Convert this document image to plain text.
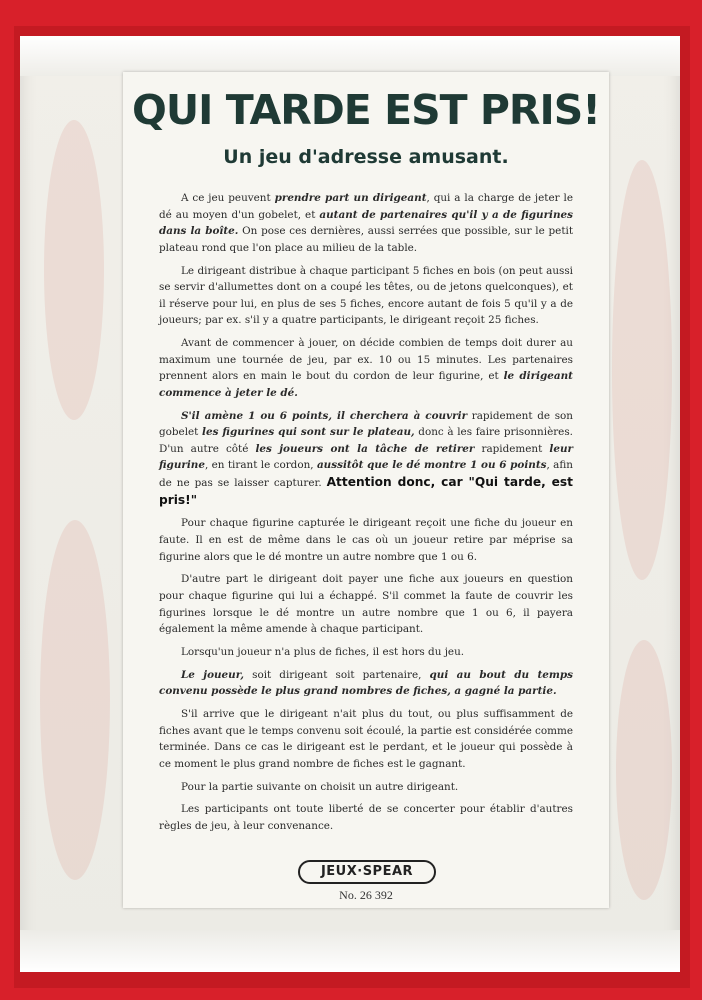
QUI TARDE EST PRIS!
Un jeu d'adresse amusant.

A ce jeu peuvent prendre part un dirigeant, qui a la charge de jeter le dé au moyen d'un gobelet, et autant de partenaires qu'il y a de figurines dans la boîte. On pose ces dernières, aussi serrées que possible, sur le petit plateau rond que l'on place au milieu de la table.

Le dirigeant distribue à chaque participant 5 fiches en bois (on peut aussi se servir d'allumettes dont on a coupé les têtes, ou de jetons quelconques), et il réserve pour lui, en plus de ses 5 fiches, encore autant de fois 5 qu'il y a de joueurs; par ex. s'il y a quatre participants, le dirigeant reçoit 25 fiches.

Avant de commencer à jouer, on décide combien de temps doit durer au maximum une tournée de jeu, par ex. 10 ou 15 minutes. Les partenaires prennent alors en main le bout du cordon de leur figurine, et le dirigeant commence à jeter le dé.

S'il amène 1 ou 6 points, il cherchera à couvrir rapidement de son gobelet les figurines qui sont sur le plateau, donc à les faire prisonnières. D'un autre côté les joueurs ont la tâche de retirer rapidement leur figurine, en tirant le cordon, aussitôt que le dé montre 1 ou 6 points, afin de ne pas se laisser capturer. Attention donc, car "Qui tarde, est pris!"

Pour chaque figurine capturée le dirigeant reçoit une fiche du joueur en faute. Il en est de même dans le cas où un joueur retire par méprise sa figurine alors que le dé montre un autre nombre que 1 ou 6.

D'autre part le dirigeant doit payer une fiche aux joueurs en question pour chaque figurine qui lui a échappé. S'il commet la faute de couvrir les figurines lorsque le dé montre un autre nombre que 1 ou 6, il payera également la même amende à chaque participant.

Lorsqu'un joueur n'a plus de fiches, il est hors du jeu.

Le joueur, soit dirigeant soit partenaire, qui au bout du temps convenu possède le plus grand nombres de fiches, a gagné la partie.

S'il arrive que le dirigeant n'ait plus du tout, ou plus suffisamment de fiches avant que le temps convenu soit écoulé, la partie est considérée comme terminée. Dans ce cas le dirigeant est le perdant, et le joueur qui possède à ce moment le plus grand nombre de fiches est le gagnant.

Pour la partie suivante on choisit un autre dirigeant.

Les participants ont toute liberté de se concerter pour établir d'autres règles de jeu, à leur convenance.

JEUX·SPEAR
No. 26 392
